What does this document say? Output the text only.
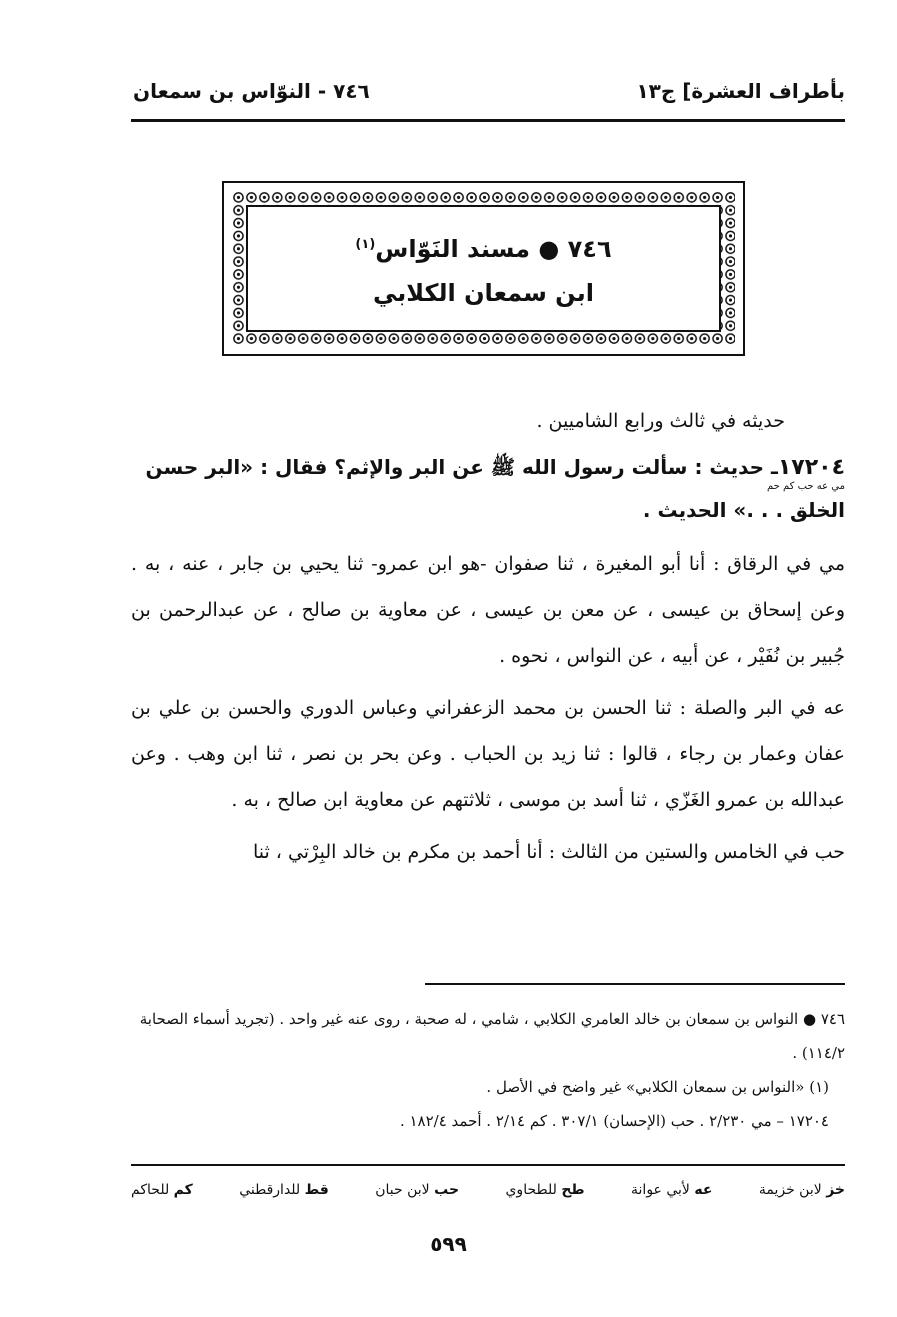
بأطراف العشرة] ج١٣
٧٤٦ - النوّاس بن سمعان
٧٤٦ ● مسند النَوّاس$^{(١)}$
ابن سمعان الكلابي

حديثه في ثالث ورابع الشاميين .

١٧٢٠٤ـ حديث : سألت رسول الله ﷺ عن البر والإثم؟ فقال : «البر حسن
مي عه حب كم حم
الخلق . . .» الحديث .

مي في الرقاق : أنا أبو المغيرة ، ثنا صفوان -هو ابن عمرو- ثنا يحيي بن جابر ، عنه ، به . وعن إسحاق بن عيسى ، عن معن بن عيسى ، عن معاوية بن صالح ، عن عبدالرحمن بن جُبير بن نُفَيْر ، عن أبيه ، عن النواس ، نحوه .

عه في البر والصلة : ثنا الحسن بن محمد الزعفراني وعباس الدوري والحسن بن علي بن عفان وعمار بن رجاء ، قالوا : ثنا زيد بن الحباب . وعن بحر بن نصر ، ثنا ابن وهب . وعن عبدالله بن عمرو الغَزّي ، ثنا أسد بن موسى ، ثلاثتهم عن معاوية ابن صالح ، به .

حب في الخامس والستين من الثالث : أنا أحمد بن مكرم بن خالد البِرْتي ، ثنا

٧٤٦ ● النواس بن سمعان بن خالد العامري الكلابي ، شامي ، له صحبة ، روى عنه غير واحد . (تجريد أسماء الصحابة ١١٤/٢) .

(١) «النواس بن سمعان الكلابي» غير واضح في الأصل .

١٧٢٠٤ – مي ٢/٢٣٠ . حب (الإحسان) ٣٠٧/١ . كم ٢/١٤ . أحمد ١٨٢/٤ .

خز لابن خزيمة
عه لأبي عوانة
طح للطحاوي
حب لابن حبان
قط للدارقطني
كم للحاكم
٥٩٩
